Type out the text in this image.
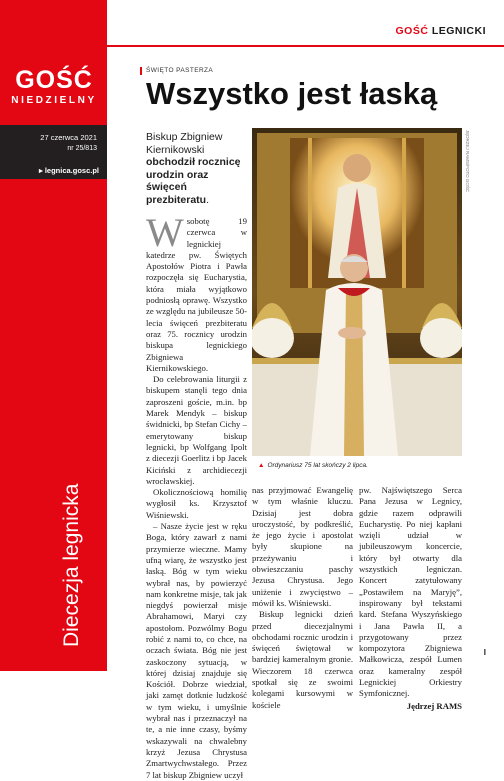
GOŚĆ
NIEDZIELNY
27 czerwca 2021
nr 25/813
▸ legnica.gosc.pl
Diecezja legnicka
GOŚĆ LEGNICKI
ŚWIĘTO PASTERZA
Wszystko jest łaską
Biskup Zbigniew Kiernikowski obchodził rocznicę urodzin oraz święceń prezbiteratu.
JĘDRZEJ RAMS/FOTO GOŚĆ
▲ Ordynariusz 75 lat skończy 2 lipca.
W sobotę 19 czerwca w legnickiej katedrze pw. Świętych Apostołów Piotra i Pawła rozpoczęła się Eucharystia, która miała wyjątkowo podniosłą oprawę. Wszystko ze względu na jubileusze 50-lecia święceń prezbiteratu oraz 75. rocznicy urodzin biskupa legnickiego Zbigniewa Kiernikowskiego.

Do celebrowania liturgii z biskupem stanęli tego dnia zaproszeni goście, m.in. bp Marek Mendyk – biskup świdnicki, bp Stefan Cichy – emerytowany biskup legnicki, bp Wolfgang Ipolt z diecezji Goerlitz i bp Jacek Kiciński z archidiecezji wrocławskiej.

Okolicznościową homilię wygłosił ks. Krzysztof Wiśniewski.

– Nasze życie jest w ręku Boga, który zawarł z nami przymierze wieczne. Mamy ufną wiarę, że wszystko jest łaską. Bóg w tym wieku wybrał nas, by powierzyć nam konkretne misje, tak jak niegdyś powierzał misje Abrahamowi, Maryi czy apostołom. Pozwólmy Bogu robić z nami to, co chce, na oczach świata. Bóg nie jest zaskoczony sytuacją, w której dzisiaj znajduje się Kościół. Dobrze wiedział, jaki zamęt dotknie ludzkość w tym wieku, i umyślnie wybrał nas i przeznaczył na te, a nie inne czasy, byśmy wskazywali na chwalebny krzyż Jezusa Chrystusa Zmartwychwstałego. Przez 7 lat biskup Zbigniew uczył

nas przyjmować Ewangelię w tym właśnie kluczu. Dzisiaj jest dobra uroczystość, by podkreślić, że jego życie i apostolat były skupione na przeżywaniu i obwieszczaniu paschy Jezusa Chrystusa. Jego uniżenie i zwycięstwo – mówił ks. Wiśniewski.

Biskup legnicki dzień przed diecezjalnymi obchodami rocznic urodzin i święceń świętował w bardziej kameralnym gronie. Wieczorem 18 czerwca spotkał się ze swoimi kolegami kursowymi w kościele

pw. Najświętszego Serca Pana Jezusa w Legnicy, gdzie razem odprawili Eucharystię. Po niej kapłani wzięli udział w jubileuszowym koncercie, który był otwarty dla wszystkich legniczan. Koncert zatytułowany „Postawiłem na Maryję”, inspirowany był tekstami kard. Stefana Wyszyńskiego i Jana Pawła II, a przygotowany przez kompozytora Zbigniewa Małkowicza, zespół Lumen oraz kameralny zespół Legnickiej Orkiestry Symfonicznej.

Jędrzej RAMS
I
